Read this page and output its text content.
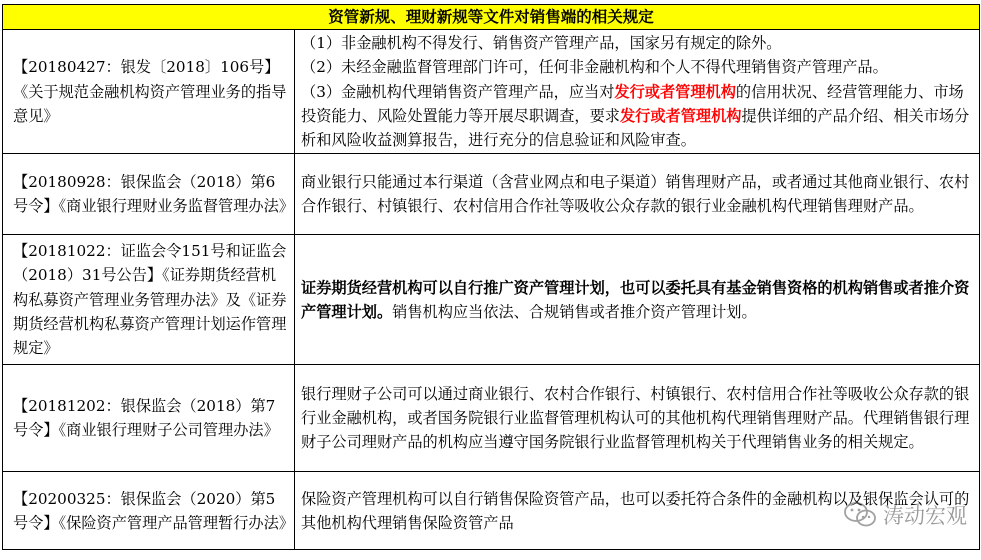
资管新规、理财新规等文件对销售端的相关规定	
【20180427：银发〔2018〕106号】《关于规范金融机构资产管理业务的指导意见》	（1）非金融机构不得发行、销售资产管理产品，国家另有规定的除外。
（2）未经金融监督管理部门许可，任何非金融机构和个人不得代理销售资产管理产品。
（3）金融机构代理销售资产管理产品，应当对发行或者管理机构的信用状况、经营管理能力、市场投资能力、风险处置能力等开展尽职调查，要求发行或者管理机构提供详细的产品介绍、相关市场分析和风险收益测算报告，进行充分的信息验证和风险审查。

【20180928：银保监会（2018）第6号令】《商业银行理财业务监督管理办法》	商业银行只能通过本行渠道（含营业网点和电子渠道）销售理财产品，或者通过其他商业银行、农村合作银行、村镇银行、农村信用合作社等吸收公众存款的银行业金融机构代理销售理财产品。
【20181022：证监会令151号和证监会（2018）31号公告】《证券期货经营机构私募资产管理业务管理办法》及《证券期货经营机构私募资产管理计划运作管理规定》	证券期货经营机构可以自行推广资产管理计划，也可以委托具有基金销售资格的机构销售或者推介资产管理计划。销售机构应当依法、合规销售或者推介资产管理计划。
【20181202：银保监会（2018）第7号令】《商业银行理财子公司管理办法》	银行理财子公司可以通过商业银行、农村合作银行、村镇银行、农村信用合作社等吸收公众存款的银行业金融机构，或者国务院银行业监督管理机构认可的其他机构代理销售理财产品。代理销售银行理财子公司理财产品的机构应当遵守国务院银行业监督管理机构关于代理销售业务的相关规定。
【20200325：银保监会（2020）第5号令】《保险资产管理产品管理暂行办法》	保险资产管理机构可以自行销售保险资管产品，也可以委托符合条件的金融机构以及银保监会认可的其他机构代理销售保险资管产品	涛动宏观
